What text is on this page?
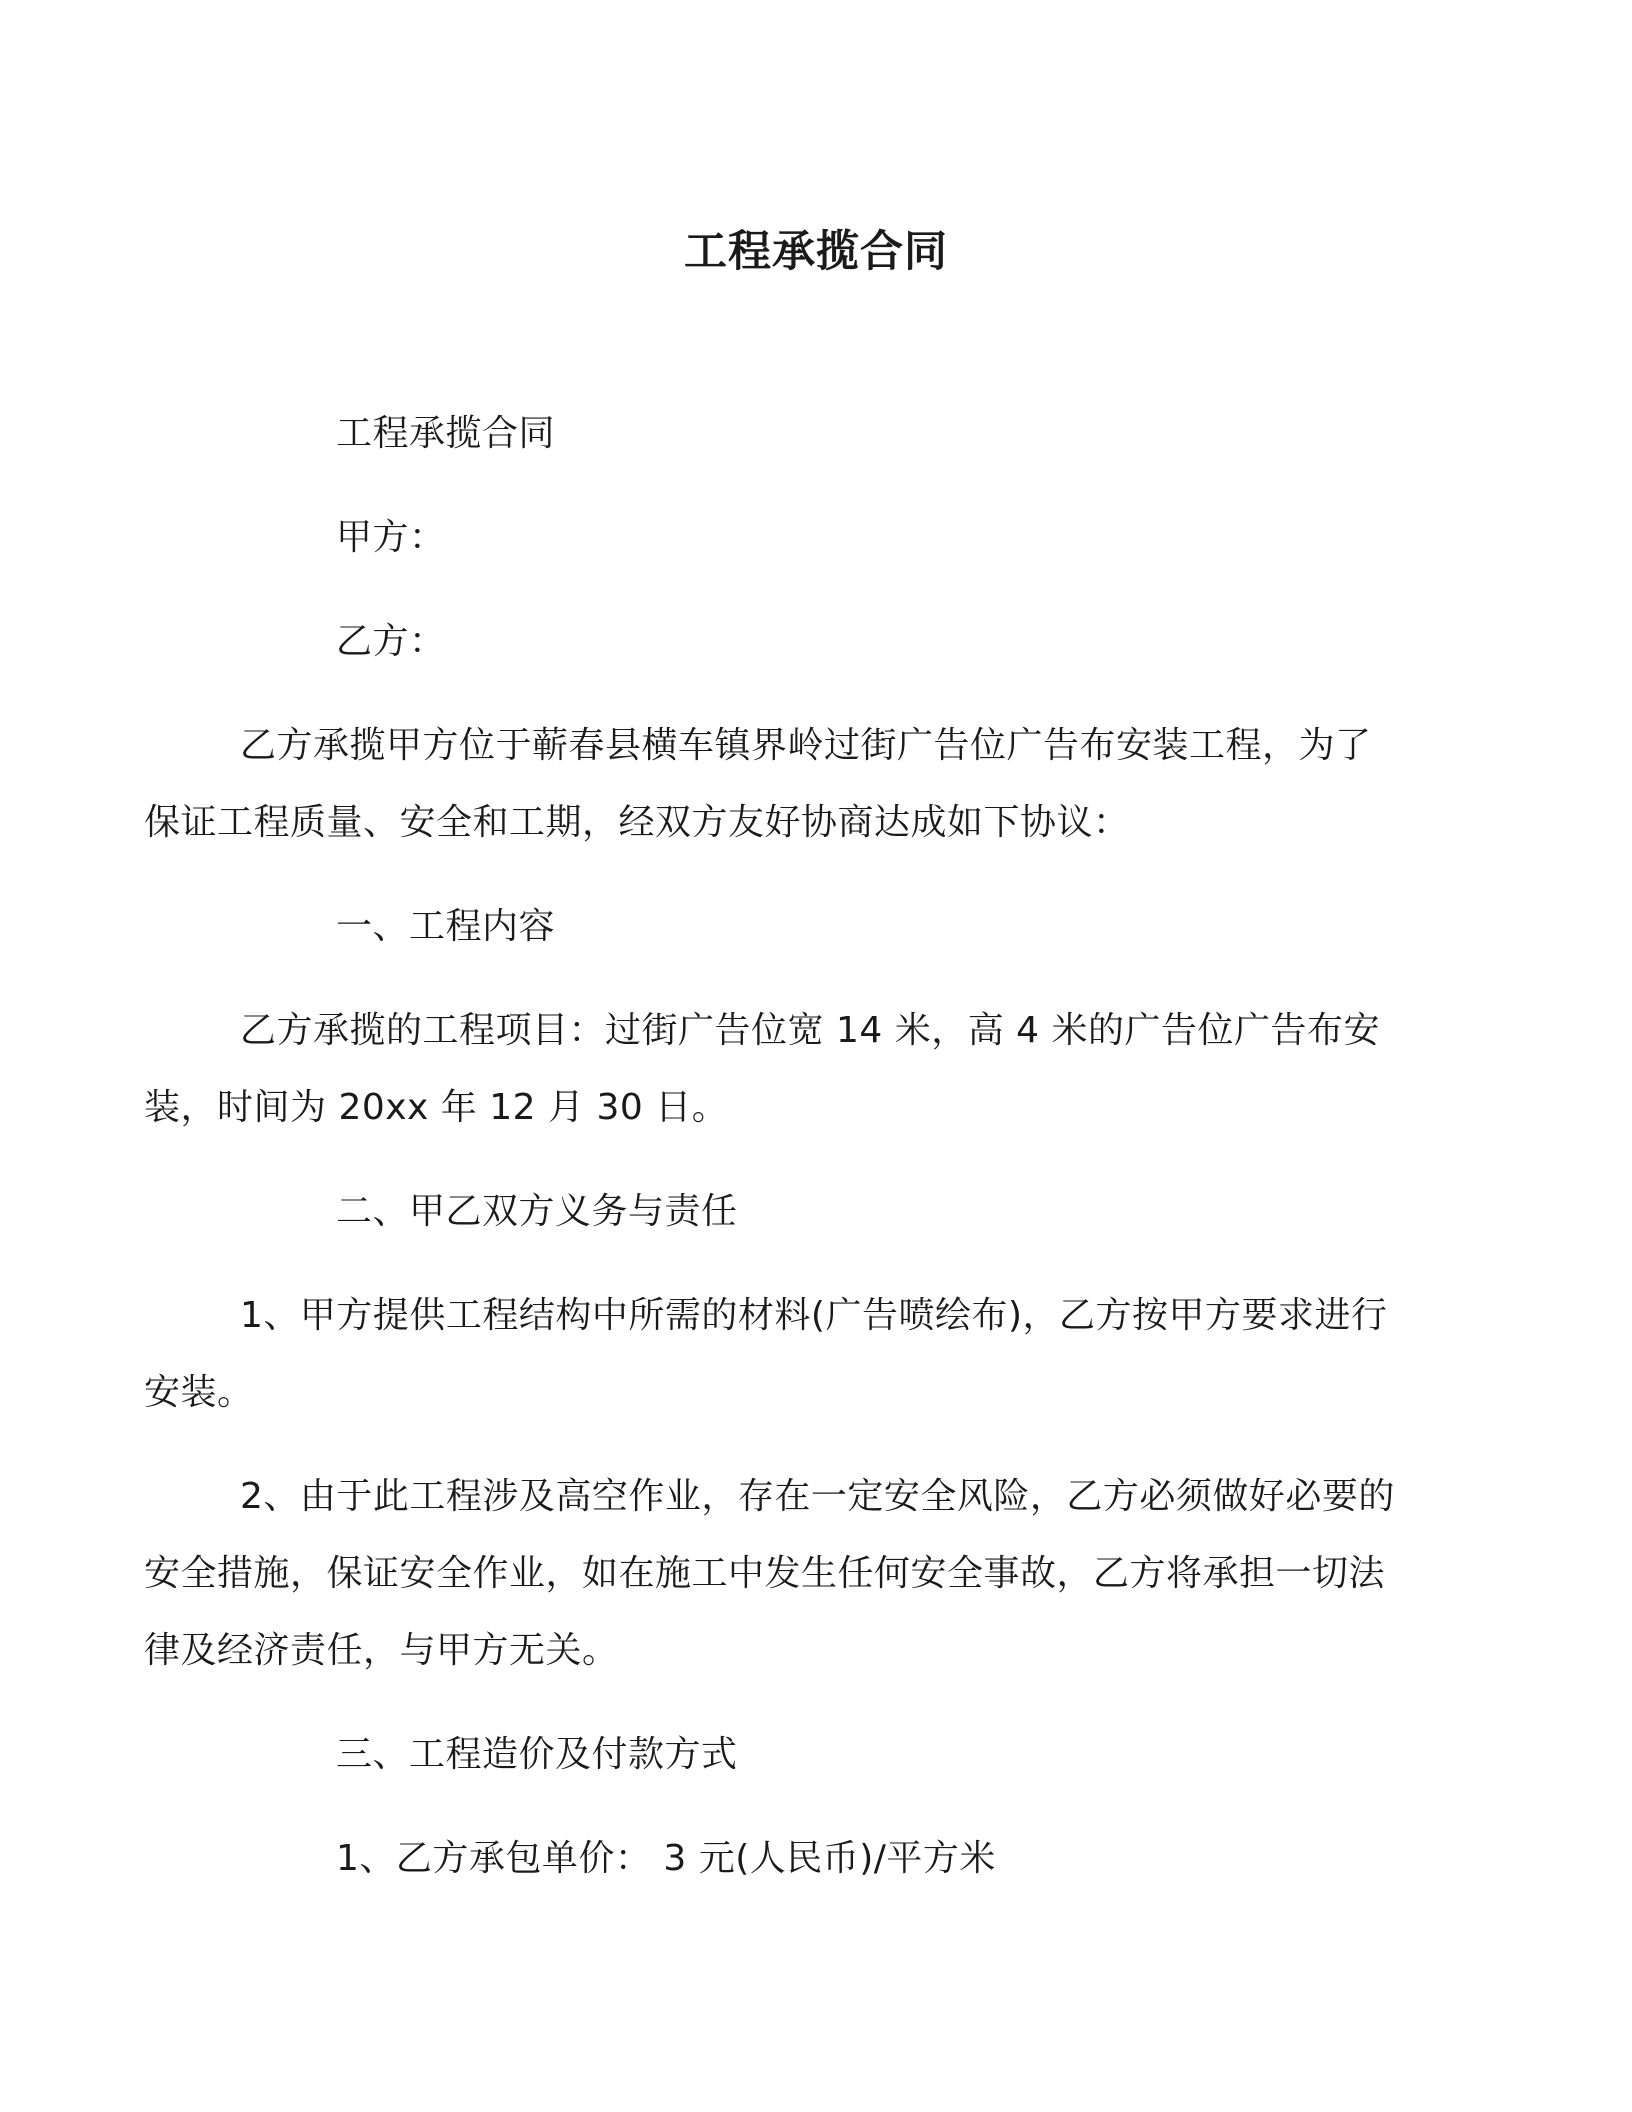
工程承揽合同

工程承揽合同

甲方：

乙方：

乙方承揽甲方位于蕲春县横车镇界岭过街广告位广告布安装工程，为了保证工程质量、安全和工期，经双方友好协商达成如下协议：

一、工程内容

乙方承揽的工程项目：过街广告位宽 14 米，高 4 米的广告位广告布安装，时间为 20xx 年 12 月 30 日。

二、甲乙双方义务与责任

1、甲方提供工程结构中所需的材料(广告喷绘布)，乙方按甲方要求进行安装。

2、由于此工程涉及高空作业，存在一定安全风险，乙方必须做好必要的安全措施，保证安全作业，如在施工中发生任何安全事故，乙方将承担一切法律及经济责任，与甲方无关。

三、工程造价及付款方式

1、乙方承包单价： 3 元(人民币)/平方米
